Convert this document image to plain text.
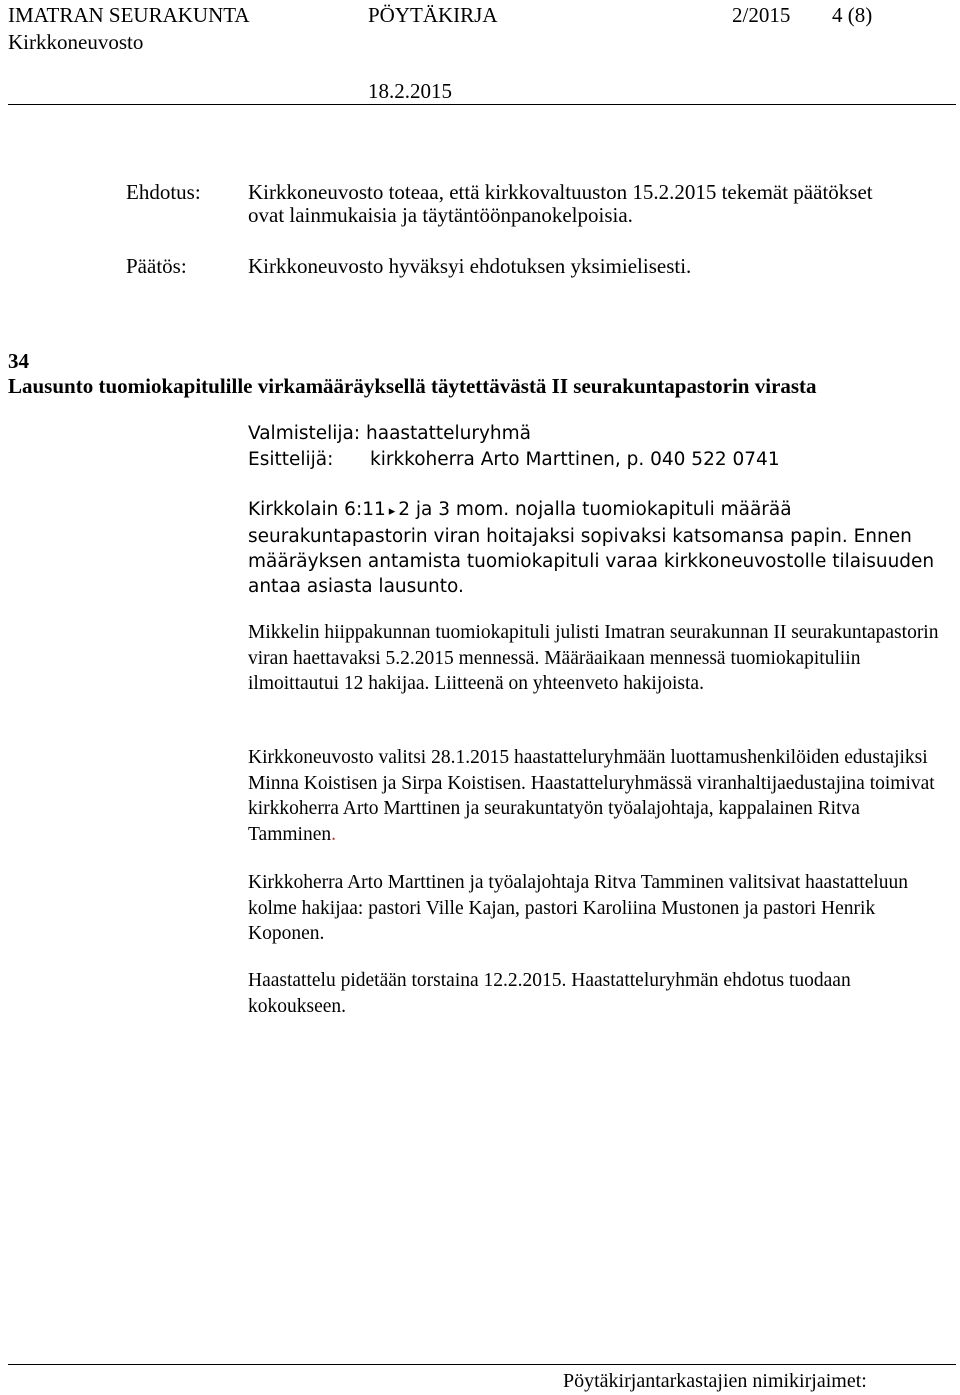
IMATRAN SEURAKUNTA	PÖYTÄKIRJA	2/2015 4 (8)
Kirkkoneuvosto
18.2.2015
Ehdotus: Kirkkoneuvosto toteaa, että kirkkovaltuuston 15.2.2015 tekemät päätökset
ovat lainmukaisia ja täytäntöönpanokelpoisia.
Päätös:	Kirkkoneuvosto hyväksyi ehdotuksen yksimielisesti.
34
Lausunto tuomiokapitulille virkamääräyksellä täytettävästä II seurakuntapastorin virasta
Valmistelija: haastatteluryhmä
Esittelijä: kirkkoherra Arto Marttinen, p. 040 522 0741
Kirkkolain 6:11 ▸ 2 ja 3 mom. nojalla tuomiokapituli määrää seurakuntapastorin viran hoitajaksi sopivaksi katsomansa papin. Ennen määräyksen antamista tuomiokapituli varaa kirkkoneuvostolle tilaisuuden antaa asiasta lausunto.
Mikkelin hiippakunnan tuomiokapituli julisti Imatran seurakunnan II seurakuntapastorin viran haettavaksi 5.2.2015 mennessä. Määräaikaan mennessä tuomiokapituliin ilmoittautui 12 hakijaa. Liitteenä on yhteenveto hakijoista.
Kirkkoneuvosto valitsi 28.1.2015 haastatteluryhmään luottamushenkilöiden edustajiksi Minna Koistisen ja Sirpa Koistisen. Haastatteluryhmässä viranhaltijaedustajina toimivat kirkkoherra Arto Marttinen ja seurakuntatyön työalajohtaja, kappalainen Ritva Tamminen.
Kirkkoherra Arto Marttinen ja työalajohtaja Ritva Tamminen valitsivat haastatteluun kolme hakijaa: pastori Ville Kajan, pastori Karoliina Mustonen ja pastori Henrik Koponen.
Haastattelu pidetään torstaina 12.2.2015. Haastatteluryhmän ehdotus tuodaan kokoukseen.
Pöytäkirjantarkastajien nimikirjaimet:
